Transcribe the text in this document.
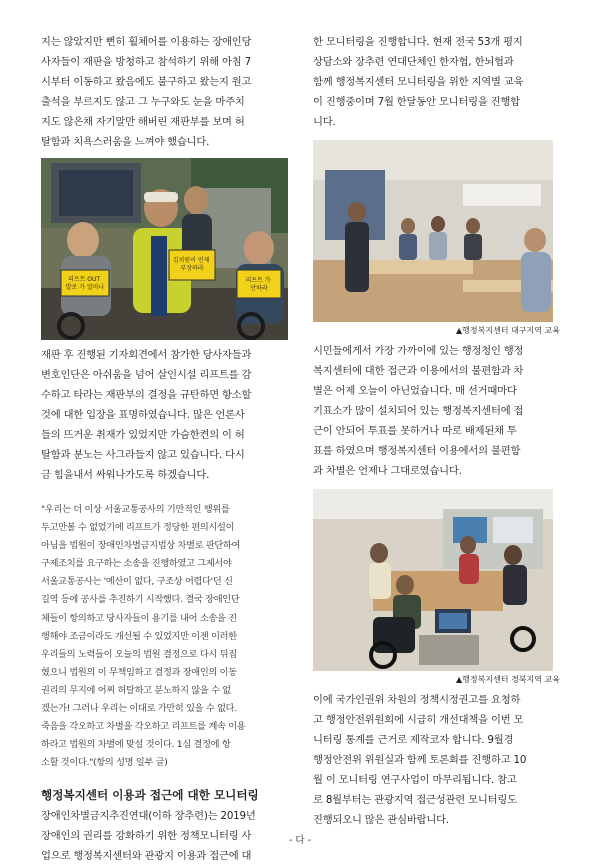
지는 않았지만 뻔히 휠체어를 이용하는 장애인당
사자들이 재판을 방청하고 참석하기 위해 아침 7
시부터 이동하고 왔음에도 불구하고 왔는지 원고
출석을 부르지도 않고 그 누구와도 눈을 마주치
지도 않은채 자기말만 해버린 재판부를 보며 허
탈함과 치욕스러움을 느껴야 했습니다.

리프트 OUT 발로 가 얼마나
김치원이 언제 부장하라
리프트 가 안하라

재판 후 진행된 기자회견에서 참가한 당사자들과
변호인단은 아쉬움을 넘어 살인시설 리프트를 감
수하고 타라는 재판부의 결정을 규탄하면 항소할
것에 대한 입장을 표명하였습니다. 많은 언론사
들의 뜨거운 취재가 있었지만 가슴한켠의 이 허
탈함과 분노는 사그라들지 않고 있습니다. 다시
금 힘을내서 싸워나가도록 하겠습니다.

"우리는 더 이상 서울교통공사의 기만적인 행위를
두고만볼 수 없었기에 리프트가 정당한 편의시설이
아님을 법원이 장애인차별금지법상 차별로 판단하여
구제조치를 요구하는 소송을 진행하였고 그제서야
서울교통공사는 '예산이 없다, 구조상 어렵다'던 신
길역 등에 공사를 추진하기 시작했다. 결국 장애인단
체들이 항의하고 당사자들이 용기를 내어 소송을 진
행해야 조금이라도 개선될 수 있었지만 이젠 이러한
우리들의 노력들이 오늘의 법원 결정으로 다시 뒤집
혔으니 법원의 이 무책임하고 결정과 장애인의 이동
권리의 무지에 어찌 허탈하고 분노하지 않을 수 없
겠는가! 그러나 우리는 이대로 가만히 있을 수 없다.
죽음을 각오하고 차별을 각오하고 리프트를 계속 이용
하라고 법원의 차별에 맞설 것이다. 1심 결정에 항
소할 것이다."(항의 성명 일부 글)

행정복지센터 이용과 접근에 대한 모니터링

장애인차별금지추진연대(이하 장추련)는 2019년
장애인의 권리를 강화하기 위한 정책모니터링 사
업으로 행정복지센터와 관광지 이용과 접근에 대

한 모니터링을 진행합니다. 현재 전국 53개 평지
상담소와 장추련 연대단체인 한자협, 한뇌협과
함께 행정복지센터 모니터링을 위한 지역별 교육
이 진행중이며 7월 한달동안 모니터링을 진행합
니다.

▲행정복지센터 대구지역 교육

시민들에게서 가장 가까이에 있는 행정청인 행정
복지센터에 대한 접근과 이용에서의 불편함과 차
별은 어제 오늘이 아닌었습니다. 매 선거때마다
기표소가 많이 설치되어 있는 행정복지센터에 접
근이 안되어 투표를 못하거나 따로 배제된채 투
표를 하였으며 행정복지센터 이용에서의 불편함
과 차별은 언제나 그대로였습니다.

▲행정복지센터 경북지역 교육

이에 국가인권위 차원의 정책시정권고를 요청하
고 행정안전위원회에 시급히 개선대책을 이번 모
니터링 통계를 근거로 제작코자 합니다. 9월경
행정안전위 위원실과 함께 토론회를 진행하고 10
월 이 모니터링 연구사업이 마무리됩니다. 참고
로 8월부터는 관광지역 접근성관련 모니터링도
진행되오니 많은 관심바랍니다.

- 다 -
